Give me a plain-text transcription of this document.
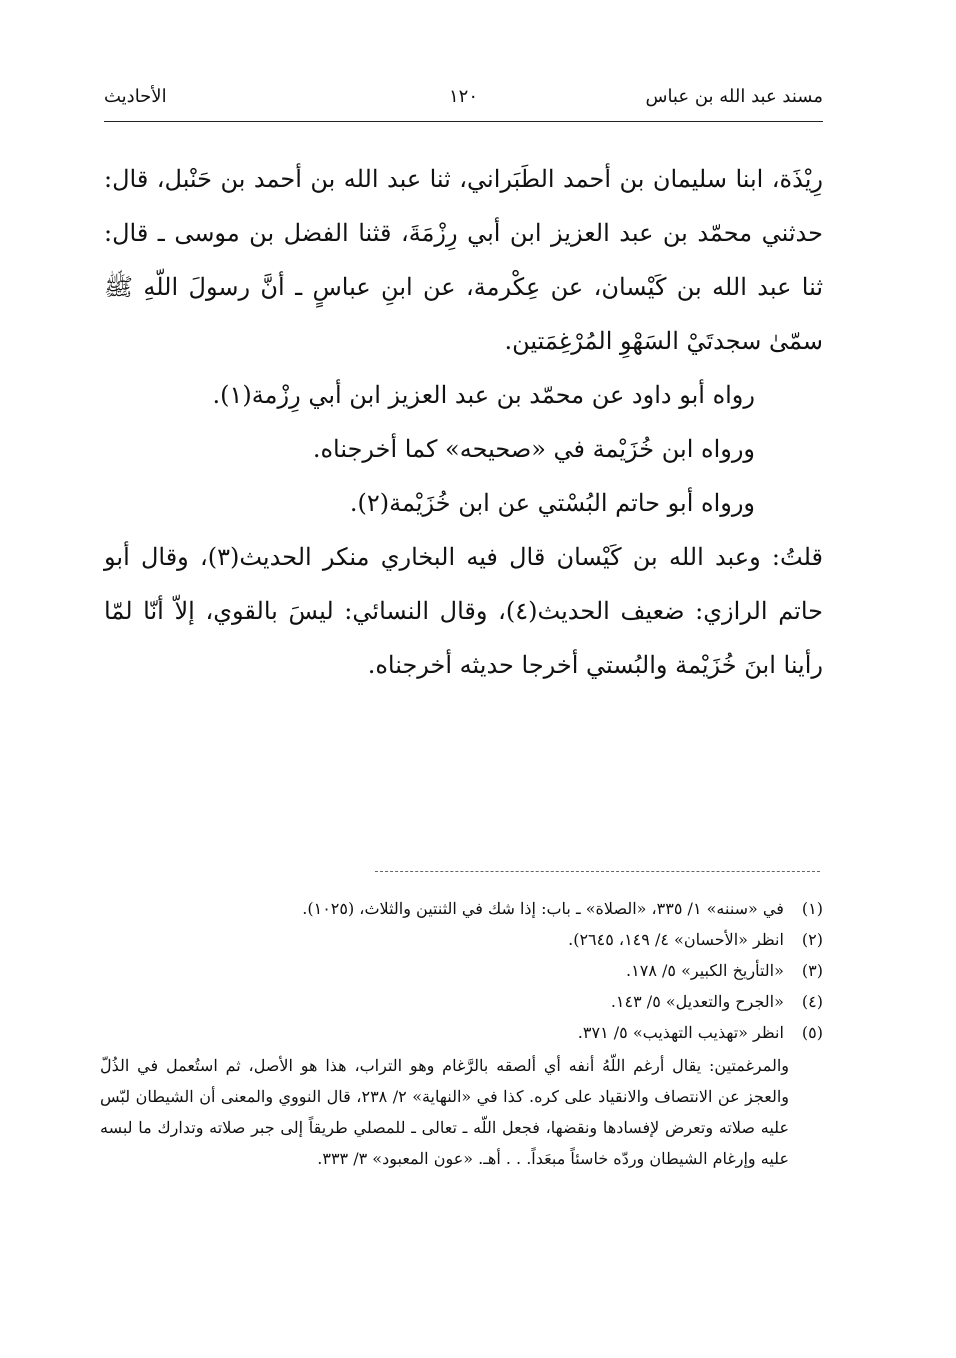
مسند عبد الله بن عباس
١٢٠
الأحاديث

رِيْذَة، ابنا سليمان بن أحمد الطَبَراني، ثنا عبد الله بن أحمد بن حَنْبل، قال: حدثني محمّد بن عبد العزيز ابن أبي رِزْمَةَ، قثنا الفضل بن موسى ـ قال: ثنا عبد الله بن كَيْسان، عن عِكْرمة، عن ابنِ عباسٍ ـ أنَّ رسولَ اللّهِ ﷺ سمّىٰ سجدتَيْ السَهْوِ المُرْغِمَتين.

رواه أبو داود عن محمّد بن عبد العزيز ابن أبي رِزْمة(١).

ورواه ابن خُزَيْمة في «صحيحه» كما أخرجناه.

ورواه أبو حاتم البُسْتي عن ابن خُزَيْمة(٢).

قلتُ: وعبد الله بن كَيْسان قال فيه البخاري منكر الحديث(٣)، وقال أبو حاتم الرازي: ضعيف الحديث(٤)، وقال النسائي: ليسَ بالقوي، إلاّ أنّا لمّا رأينا ابنَ خُزَيْمة والبُستي أخرجا حديثه أخرجناه.

(١) في «سننه» ١/ ٣٣٥، «الصلاة» ـ باب: إذا شك في الثنتين والثلاث، (١٠٢٥).

(٢) انظر «الأحسان» ٤/ ١٤٩، ٢٦٤٥).

(٣) «التأريخ الكبير» ٥/ ١٧٨.

(٤) «الجرح والتعديل» ٥/ ١٤٣.

(٥) انظر «تهذيب التهذيب» ٥/ ٣٧١.

والمرغمتين: يقال أرغم اللّهُ أنفه أي ألصقه بالرَّغام وهو التراب، هذا هو الأصل، ثم استُعمل في الذُلّ والعجز عن الانتصاف والانقياد على كره. كذا في «النهاية» ٢/ ٢٣٨، قال النووي والمعنى أن الشيطان لبّس عليه صلاته وتعرض لإفسادها ونقضها، فجعل اللّه ـ تعالى ـ للمصلي طريقاً إلى جبر صلاته وتدارك ما لبسه عليه وإرغام الشيطان وردّه خاسئاً مبعَداً. . . أهـ. «عون المعبود» ٣/ ٣٣٣.
